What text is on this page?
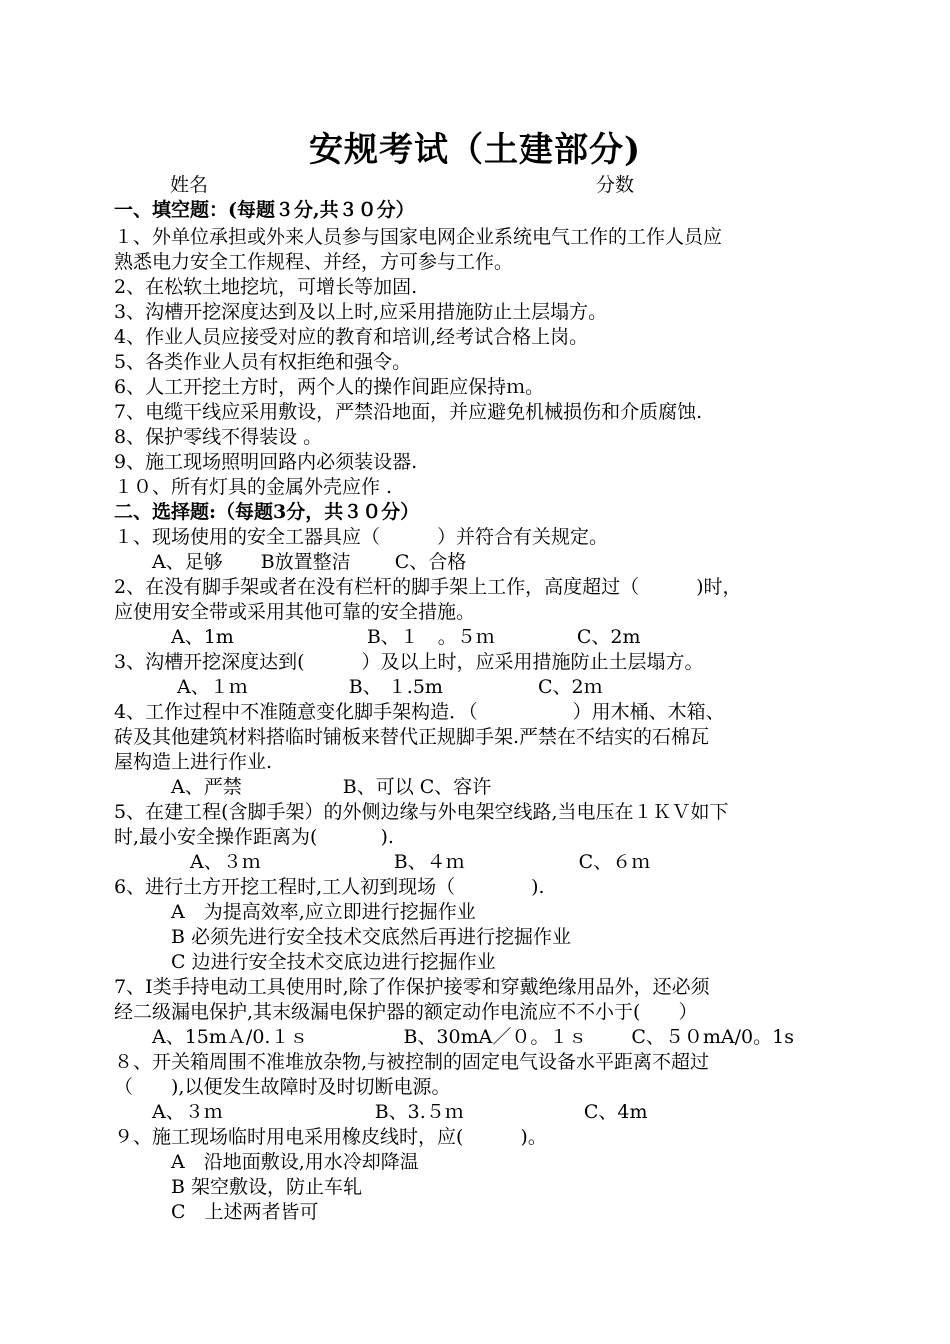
安规考试（土建部分)
姓名	分数
一、填空题：(每题３分,共３０分）
１、外单位承担或外来人员参与国家电网企业系统电气工作的工作人员应
熟悉电力安全工作规程、并经，方可参与工作。
2、在松软土地挖坑，可增长等加固.
3、沟槽开挖深度达到及以上时,应采用措施防止土层塌方。
4、作业人员应接受对应的教育和培训,经考试合格上岗。
5、各类作业人员有权拒绝和强令。
6、人工开挖土方时，两个人的操作间距应保持ｍ。
7、电缆干线应采用敷设，严禁沿地面，并应避免机械损伤和介质腐蚀.
8、保护零线不得装设 。
9、施工现场照明回路内必须装设器.
１０、所有灯具的金属外壳应作 .
二、选择题:（每题3分，共３０分）
１、现场使用的安全工器具应（　　　）并符合有关规定。
　　A、足够　　B放置整洁　　 C、合格
2、在没有脚手架或者在没有栏杆的脚手架上工作，高度超过（　　　)时，
应使用安全带或采用其他可靠的安全措施。
　　　A、1m　　　　　　　B、１　。５ｍ　　　　 C、2m
3、沟槽开挖深度达到(　　　）及以上时，应采用措施防止土层塌方。
　　　 A、１ｍ　　　　　 B、 １.5m　　　　　C、2ｍ
4、工作过程中不准随意变化脚手架构造．（　　　　　）用木桶、木箱、
砖及其他建筑材料搭临时铺板来替代正规脚手架.严禁在不结实的石棉瓦
屋构造上进行作业.
　　　A、严禁　　　　　 B、可以 C、容许
5、在建工程(含脚手架）的外侧边缘与外电架空线路,当电压在１ＫＶ如下
时,最小安全操作距离为(　　　 ).
　　　　A、３ｍ　　　　　　　B、４ｍ　　　　　　C、６ｍ
6、进行土方开挖工程时,工人初到现场（　　　　).
　　　A　为提高效率,应立即进行挖掘作业
　　　B 必须先进行安全技术交底然后再进行挖掘作业
　　　C 边进行安全技术交底边进行挖掘作业
7、I类手持电动工具使用时,除了作保护接零和穿戴绝缘用品外，还必须
经二级漏电保护,其末级漏电保护器的额定动作电流应不不小于(　　）
　　A、15mＡ/0.１ｓ　　　　　B、30mA／０。１ｓ　　 C、５０mA/0。1s
８、开关箱周围不准堆放杂物,与被控制的固定电气设备水平距离不超过
（　　),以便发生故障时及时切断电源。
　　A、３ｍ　　　　　　　　B、3.５ｍ　　　　　　 C、4m
９、施工现场临时用电采用橡皮线时，应(　　　)。
　　　A　沿地面敷设,用水冷却降温
　　　B 架空敷设，防止车轧
　　　C　上述两者皆可
